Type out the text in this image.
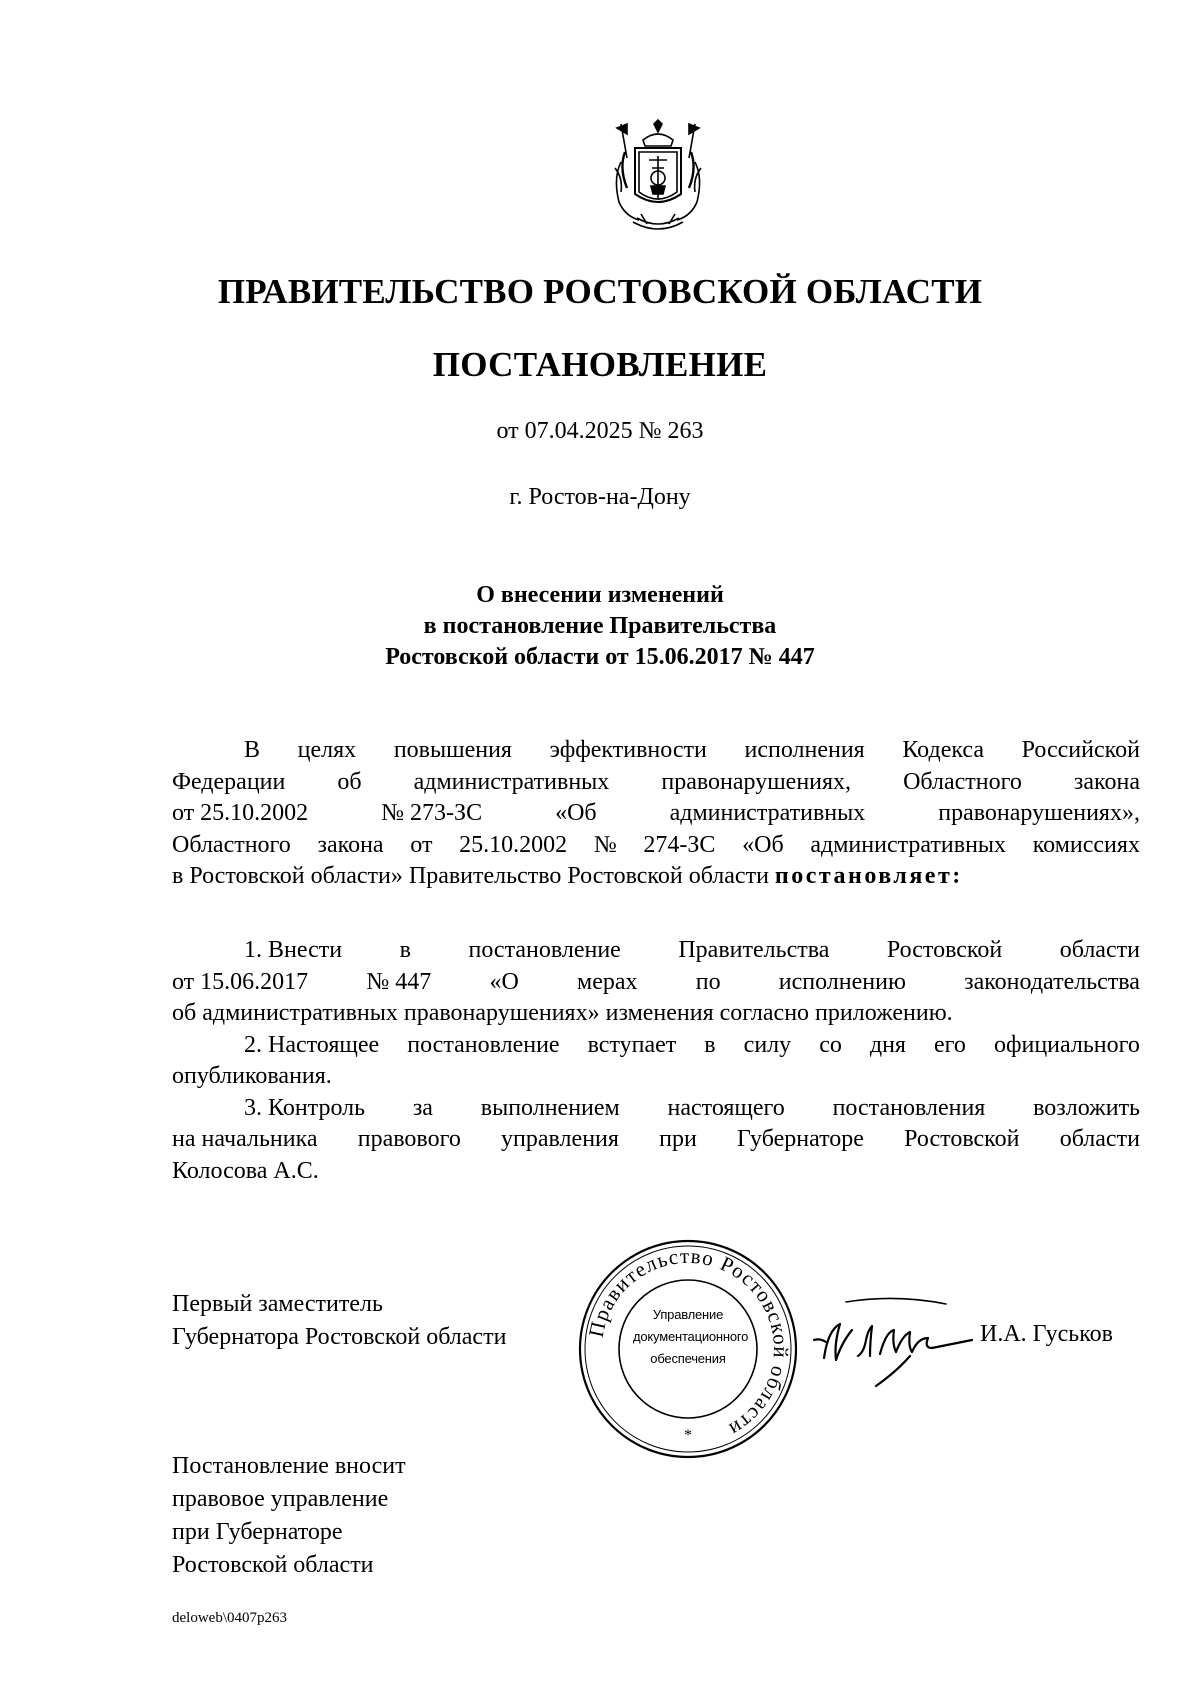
ПРАВИТЕЛЬСТВО РОСТОВСКОЙ ОБЛАСТИ
ПОСТАНОВЛЕНИЕ
от 07.04.2025 № 263
г. Ростов-на-Дону
О внесении изменений
в постановление Правительства
Ростовской области от 15.06.2017 № 447
В целях повышения эффективности исполнения Кодекса Российской
Федерации об административных правонарушениях, Областного закона
от 25.10.2002	№ 273-ЗС	«Об	административных	правонарушениях»,
Областного закона от 25.10.2002 № 274-ЗС «Об административных комиссиях
в Ростовской области» Правительство Ростовской области постановляет:
1. Внести в постановление Правительства Ростовской области
от 15.06.2017 № 447 «О мерах по исполнению законодательства
об административных правонарушениях» изменения согласно приложению.
2. Настоящее постановление вступает в силу со дня его официального
опубликования.
3. Контроль за выполнением настоящего постановления возложить
на начальника правового управления при Губернаторе Ростовской области
Колосова А.С.
Первый заместитель
Губернатора Ростовской области	Правительство Ростовской области
*
Управление
документационного
обеспечения
И.А. Гуськов
Постановление вносит
правовое управление
при Губернаторе
Ростовской области
deloweb\0407p263
